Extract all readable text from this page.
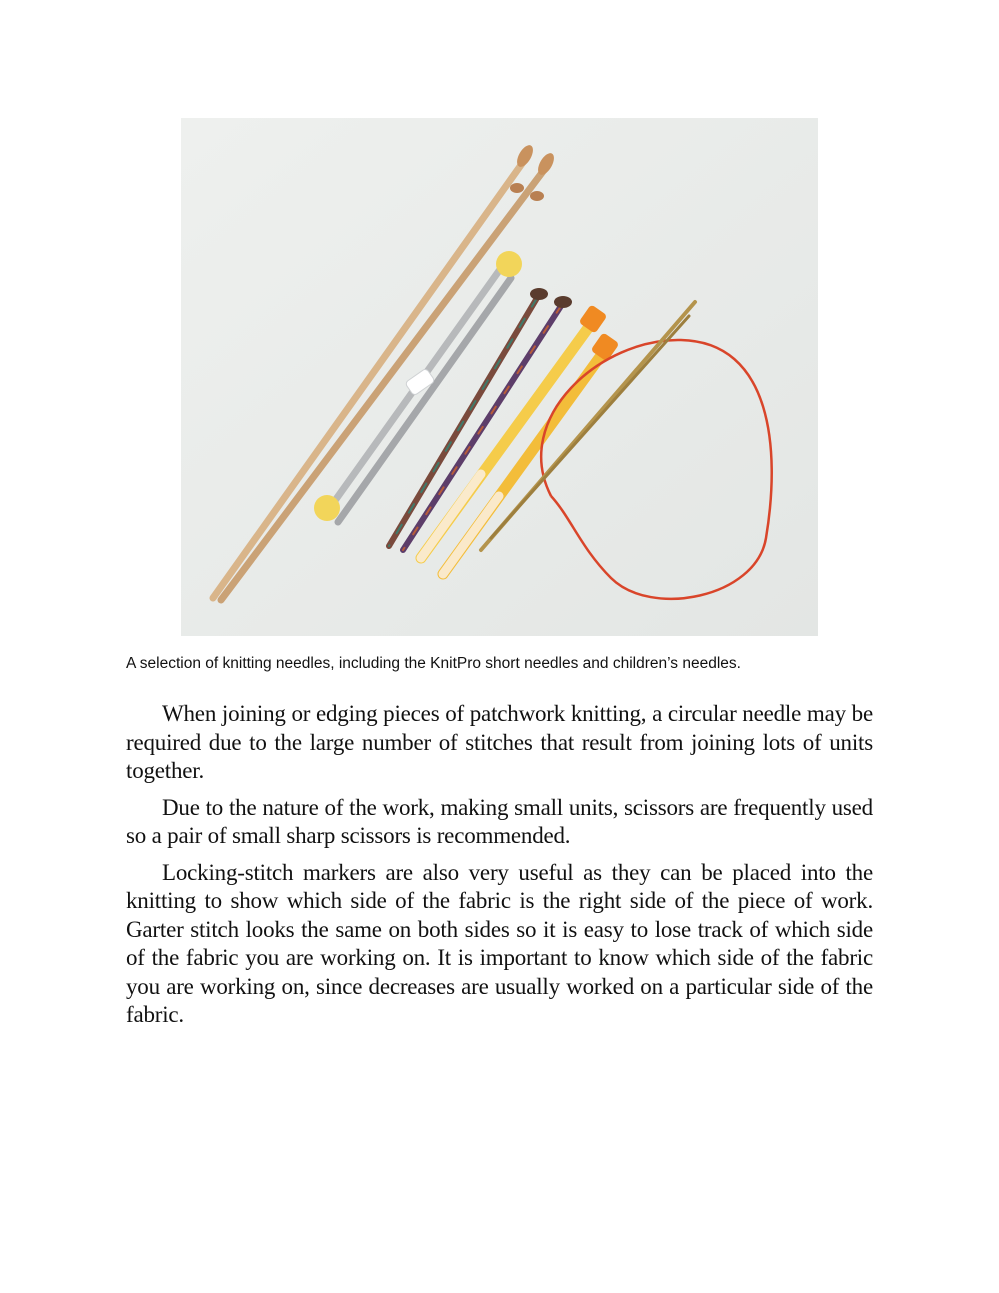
A selection of knitting needles, including the KnitPro short needles and children’s needles.

When joining or edging pieces of patchwork knitting, a circular needle may be required due to the large number of stitches that result from joining lots of units together.

Due to the nature of the work, making small units, scissors are frequently used so a pair of small sharp scissors is recommended.

Locking-stitch markers are also very useful as they can be placed into the knitting to show which side of the fabric is the right side of the piece of work. Garter stitch looks the same on both sides so it is easy to lose track of which side of the fabric you are working on. It is important to know which side of the fabric you are working on, since decreases are usually worked on a particular side of the fabric.
